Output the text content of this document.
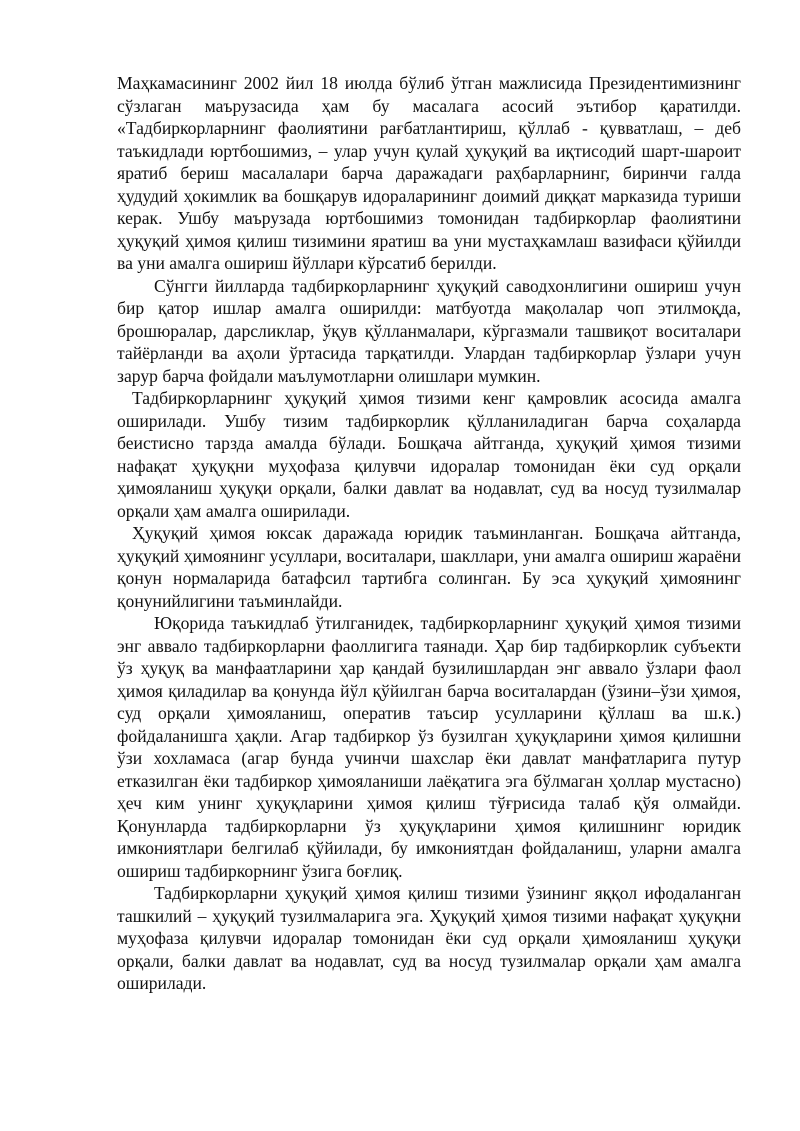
Маҳкамасининг 2002 йил 18 июлда бўлиб ўтган мажлисида Президентимизнинг сўзлаган маърузасида ҳам бу масалага асосий эътибор қаратилди. «Тадбиркорларнинг фаолиятини рағбатлантириш, қўллаб - қувватлаш, – деб таъкидлади юртбошимиз, – улар учун қулай ҳуқуқий ва иқтисодий шарт-шароит яратиб бериш масалалари барча даражадаги раҳбарларнинг, биринчи галда ҳудудий ҳокимлик ва бошқарув идораларининг доимий диққат марказида туриши керак. Ушбу маърузада юртбошимиз томонидан тадбиркорлар фаолиятини ҳуқуқий ҳимоя қилиш тизимини яратиш ва уни мустаҳкамлаш вазифаси қўйилди ва уни амалга ошириш йўллари кўрсатиб берилди.

Сўнгги йилларда тадбиркорларнинг ҳуқуқий саводхонлигини ошириш учун бир қатор ишлар амалга оширилди: матбуотда мақолалар чоп этилмоқда, брошюралар, дарсликлар, ўқув қўлланмалари, кўргазмали ташвиқот воситалари тайёрланди ва аҳоли ўртасида тарқатилди. Улардан тадбиркорлар ўзлари учун зарур барча фойдали маълумотларни олишлари мумкин.

Тадбиркорларнинг ҳуқуқий ҳимоя тизими кенг қамровлик асосида амалга оширилади. Ушбу тизим тадбиркорлик қўлланиладиган барча соҳаларда беистисно тарзда амалда бўлади. Бошқача айтганда, ҳуқуқий ҳимоя тизими нафақат ҳуқуқни муҳофаза қилувчи идоралар томонидан ёки суд орқали ҳимояланиш ҳуқуқи орқали, балки давлат ва нодавлат, суд ва носуд тузилмалар орқали ҳам амалга оширилади.

Ҳуқуқий ҳимоя юксак даражада юридик таъминланган. Бошқача айтганда, ҳуқуқий ҳимоянинг усуллари, воситалари, шакллари, уни амалга ошириш жараёни қонун нормаларида батафсил тартибга солинган. Бу эса ҳуқуқий ҳимоянинг қонунийлигини таъминлайди.

Юқорида таъкидлаб ўтилганидек, тадбиркорларнинг ҳуқуқий ҳимоя тизими энг аввало тадбиркорларни фаоллигига таянади. Ҳар бир тадбиркорлик субъекти ўз ҳуқуқ ва манфаатларини ҳар қандай бузилишлардан энг аввало ўзлари фаол ҳимоя қиладилар ва қонунда йўл қўйилган барча воситалардан (ўзини–ўзи ҳимоя, суд орқали ҳимояланиш, оператив таъсир усулларини қўллаш ва ш.к.) фойдаланишга ҳақли. Агар тадбиркор ўз бузилган ҳуқуқларини ҳимоя қилишни ўзи хохламаса (агар бунда учинчи шахслар ёки давлат манфатларига путур етказилган ёки тадбиркор ҳимояланиши лаёқатига эга бўлмаган ҳоллар мустасно) ҳеч ким унинг ҳуқуқларини ҳимоя қилиш тўғрисида талаб қўя олмайди. Қонунларда тадбиркорларни ўз ҳуқуқларини ҳимоя қилишнинг юридик имкониятлари белгилаб қўйилади, бу имкониятдан фойдаланиш, уларни амалга ошириш тадбиркорнинг ўзига боғлиқ.

Тадбиркорларни ҳуқуқий ҳимоя қилиш тизими ўзининг яққол ифодаланган ташкилий – ҳуқуқий тузилмаларига эга. Ҳуқуқий ҳимоя тизими нафақат ҳуқуқни муҳофаза қилувчи идоралар томонидан ёки суд орқали ҳимояланиш ҳуқуқи орқали, балки давлат ва нодавлат, суд ва носуд тузилмалар орқали ҳам амалга оширилади.
